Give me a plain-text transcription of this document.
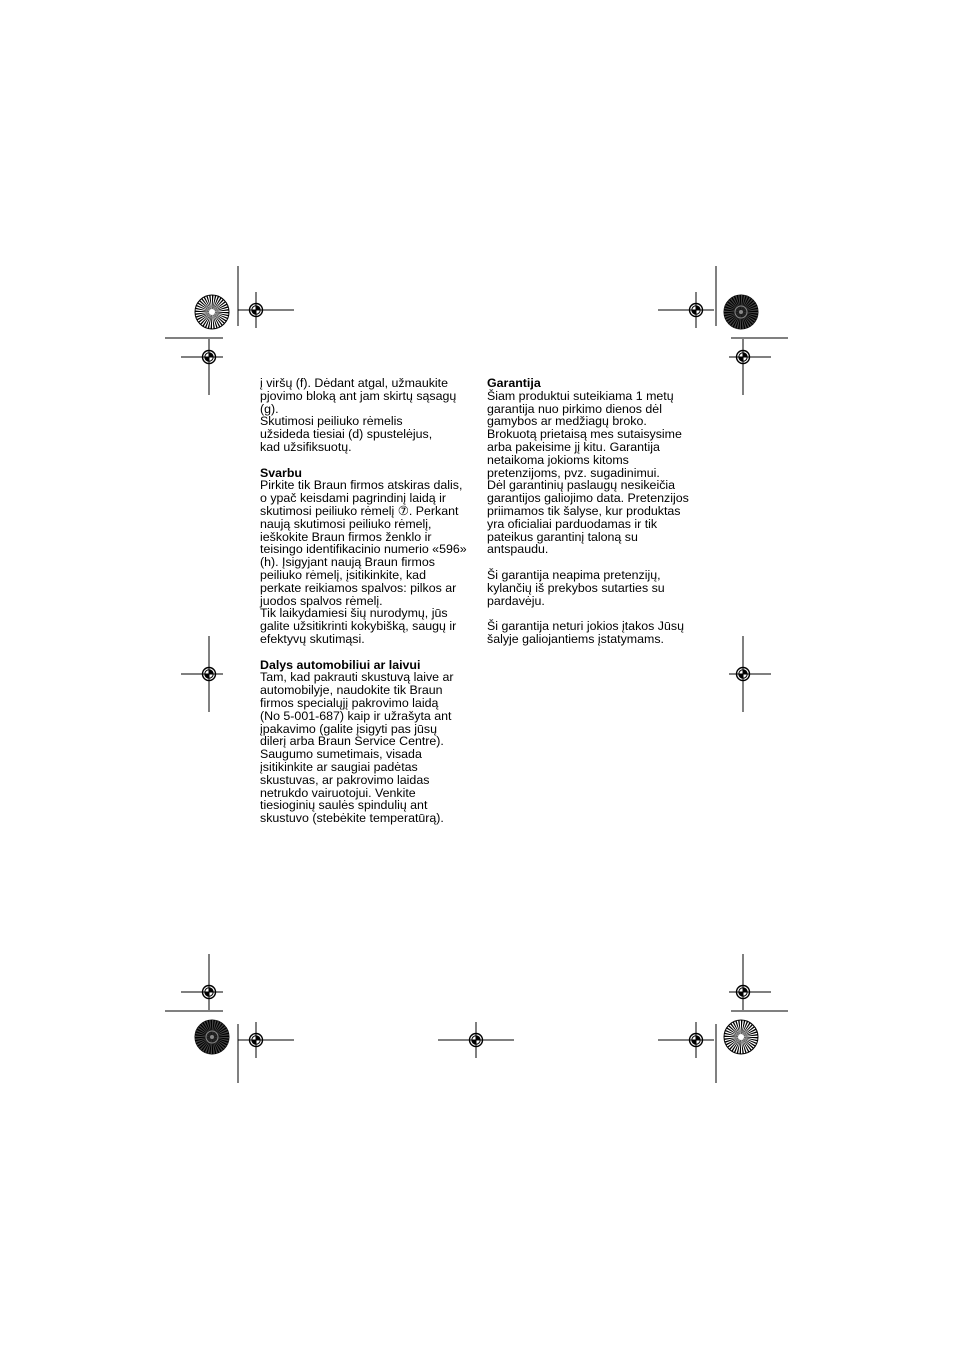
į viršų (f). Dėdant atgal, užmaukite
pjovimo bloką ant jam skirtų sąsagų
(g).
Skutimosi peiliuko rėmelis
užsideda tiesiai (d) spustelėjus,
kad užsifiksuotų.
Svarbu
Pirkite tik Braun firmos atskiras dalis,
o ypač keisdami pagrindinį laidą ir
skutimosi peiliuko rėmelį ⑦. Perkant
naują skutimosi peiliuko rėmelį,
ieškokite Braun firmos ženklo ir
teisingo identifikacinio numerio «596»
(h). Įsigyjant naują Braun firmos
peiliuko rėmelį, įsitikinkite, kad
perkate reikiamos spalvos: pilkos ar
juodos spalvos rėmelį.
Tik laikydamiesi šių nurodymų, jūs
galite užsitikrinti kokybišką, saugų ir
efektyvų skutimąsi.
Dalys automobiliui ar laivui
Tam, kad pakrauti skustuvą laive ar
automobilyje, naudokite tik Braun
firmos specialųjį pakrovimo laidą
(No 5-001-687) kaip ir užrašyta ant
įpakavimo (galite įsigyti pas jūsų
dilerį arba Braun Service Centre).
Saugumo sumetimais, visada
įsitikinkite ar saugiai padėtas
skustuvas, ar pakrovimo laidas
netrukdo vairuotojui. Venkite
tiesioginių saulės spindulių ant
skustuvo (stebėkite temperatūrą).
Garantija
Šiam produktui suteikiama 1 metų
garantija nuo pirkimo dienos dėl
gamybos ar medžiagų broko.
Brokuotą prietaisą mes sutaisysime
arba pakeisime jį kitu. Garantija
netaikoma jokioms kitoms
pretenzijoms, pvz. sugadinimui.
Dėl garantinių paslaugų nesikeičia
garantijos galiojimo data. Pretenzijos
priimamos tik šalyse, kur produktas
yra oficialiai parduodamas ir tik
pateikus garantinį taloną su
antspaudu.
Ši garantija neapima pretenzijų,
kylančių iš prekybos sutarties su
pardavėju.
Ši garantija neturi jokios įtakos Jūsų
šalyje galiojantiems įstatymams.
